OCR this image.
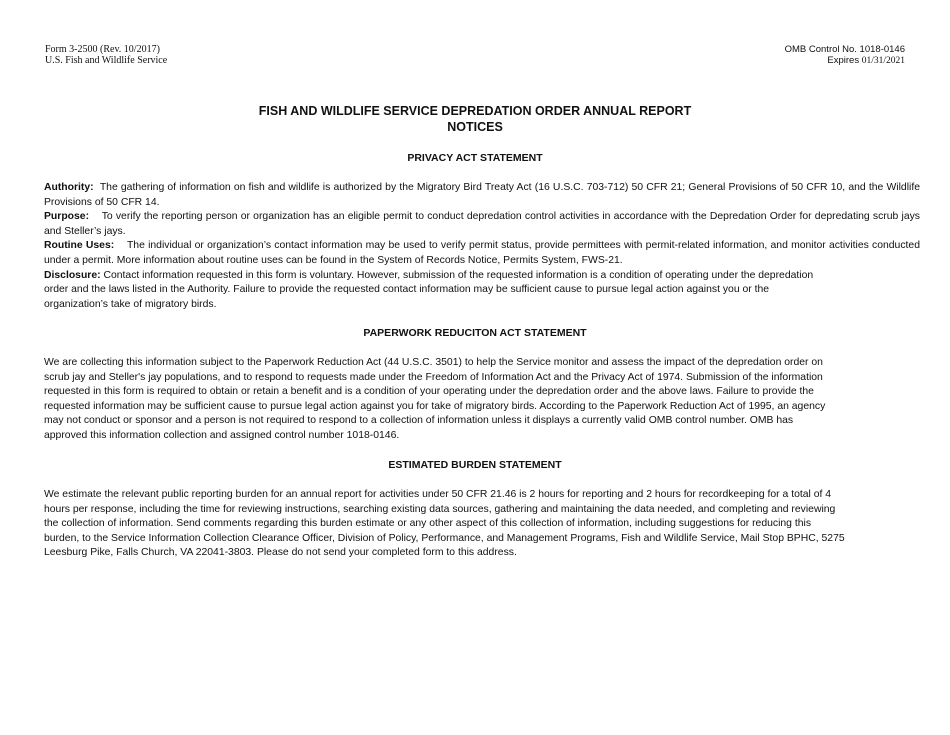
Form 3-2500 (Rev. 10/2017)
U.S. Fish and Wildlife Service
OMB Control No. 1018-0146
Expires 01/31/2021
FISH AND WILDLIFE SERVICE DEPREDATION ORDER ANNUAL REPORT
NOTICES
PRIVACY ACT STATEMENT

Authority: The gathering of information on fish and wildlife is authorized by the Migratory Bird Treaty Act (16 U.S.C. 703-712) 50 CFR 21; General Provisions of 50 CFR 10, and the Wildlife Provisions of 50 CFR 14.

Purpose: To verify the reporting person or organization has an eligible permit to conduct depredation control activities in accordance with the Depredation Order for depredating scrub jays and Steller’s jays.

Routine Uses: The individual or organization’s contact information may be used to verify permit status, provide permittees with permit-related information, and monitor activities conducted under a permit. More information about routine uses can be found in the System of Records Notice, Permits System, FWS-21.

Disclosure: Contact information requested in this form is voluntary. However, submission of the requested information is a condition of operating under the depredation

order and the laws listed in the Authority. Failure to provide the requested contact information may be sufficient cause to pursue legal action against you or the

organization’s take of migratory birds.

PAPERWORK REDUCITON ACT STATEMENT

We are collecting this information subject to the Paperwork Reduction Act (44 U.S.C. 3501) to help the Service monitor and assess the impact of the depredation order on

scrub jay and Steller's jay populations, and to respond to requests made under the Freedom of Information Act and the Privacy Act of 1974. Submission of the information

requested in this form is required to obtain or retain a benefit and is a condition of your operating under the depredation order and the above laws. Failure to provide the

requested information may be sufficient cause to pursue legal action against you for take of migratory birds. According to the Paperwork Reduction Act of 1995, an agency

may not conduct or sponsor and a person is not required to respond to a collection of information unless it displays a currently valid OMB control number. OMB has

approved this information collection and assigned control number 1018-0146.

ESTIMATED BURDEN STATEMENT

We estimate the relevant public reporting burden for an annual report for activities under 50 CFR 21.46 is 2 hours for reporting and 2 hours for recordkeeping for a total of 4

hours per response, including the time for reviewing instructions, searching existing data sources, gathering and maintaining the data needed, and completing and reviewing

the collection of information. Send comments regarding this burden estimate or any other aspect of this collection of information, including suggestions for reducing this

burden, to the Service Information Collection Clearance Officer, Division of Policy, Performance, and Management Programs, Fish and Wildlife Service, Mail Stop BPHC, 5275

Leesburg Pike, Falls Church, VA 22041-3803. Please do not send your completed form to this address.
